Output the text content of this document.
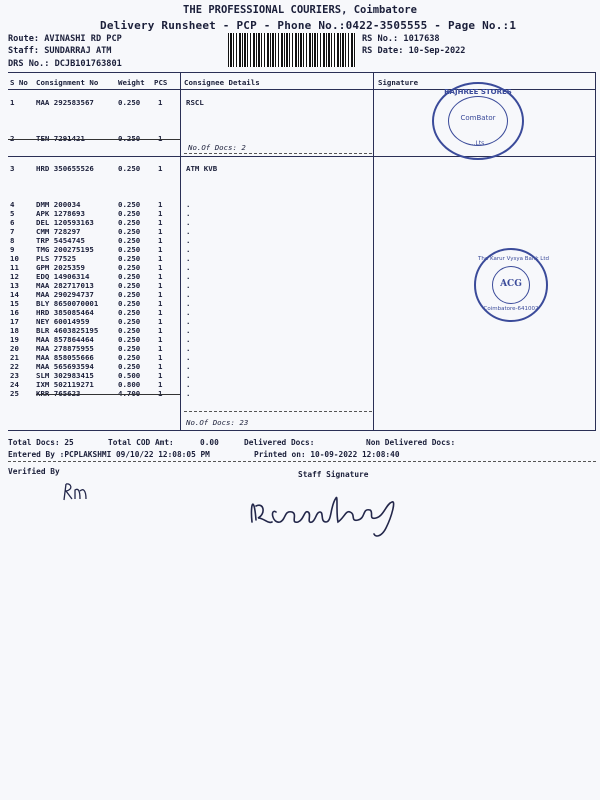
THE PROFESSIONAL COURIERS, Coimbatore
Delivery Runsheet - PCP - Phone No.:0422-3505555 - Page No.:1
Route: AVINASHI RD PCP
Staff: SUNDARRAJ ATM
DRS No.: DCJB101763801
RS No.: 1017638
RS Date: 10-Sep-2022
S No Consignment No	Weight PCS Consignee Details	Signature
1	MAA 292583567	0.250 1	RSCL
2	TEN 7291421	0.250 1
No.Of Docs: 2
3	HRD 350655526	0.250 1	ATM KVB
4	DMM 200034	0.250 1	.
5	APK 1278693	0.250 1	.
6	DEL 120593163	0.250 1	.
7	CMM 728297	0.250 1	.
8	TRP 5454745	0.250 1	.
9	TMG 200275195	0.250 1	.
10 PLS 77525	0.250 1	.
11 GPM 2025359	0.250 1	.
12 EDQ 14906314	0.250 1	.
13 MAA 282717013	0.250 1	.
14 MAA 290294737	0.250 1	.
15 BLY 8650070001	0.250 1	.
16 HRD 385085464	0.250 1	.
17 NEY 60014959	0.250 1	.
18 BLR 4603825195	0.250 1	.
19 MAA 857864464	0.250 1	.
20 MAA 278875955	0.250 1	.
21 MAA 858055666	0.250 1	.
22 MAA 565693594	0.250 1	.
23 SLM 302983415	0.500 1	.
24 IXM 502119271	0.800 1	.
25 KRR 765623	4.700 1	.
No.Of Docs: 23
RAJHREE STORES
ComBator
..Lts
The Karur Vysya Bank Ltd
ACG
Coimbatore-641002
Total Docs: 25	Total COD Amt:	0.00	Delivered Docs:	Non Delivered Docs:
Entered By :PCPLAKSHMI 09/10/22 12:08:05 PM	Printed on: 10-09-2022 12:08:40
Verified By	Staff Signature
